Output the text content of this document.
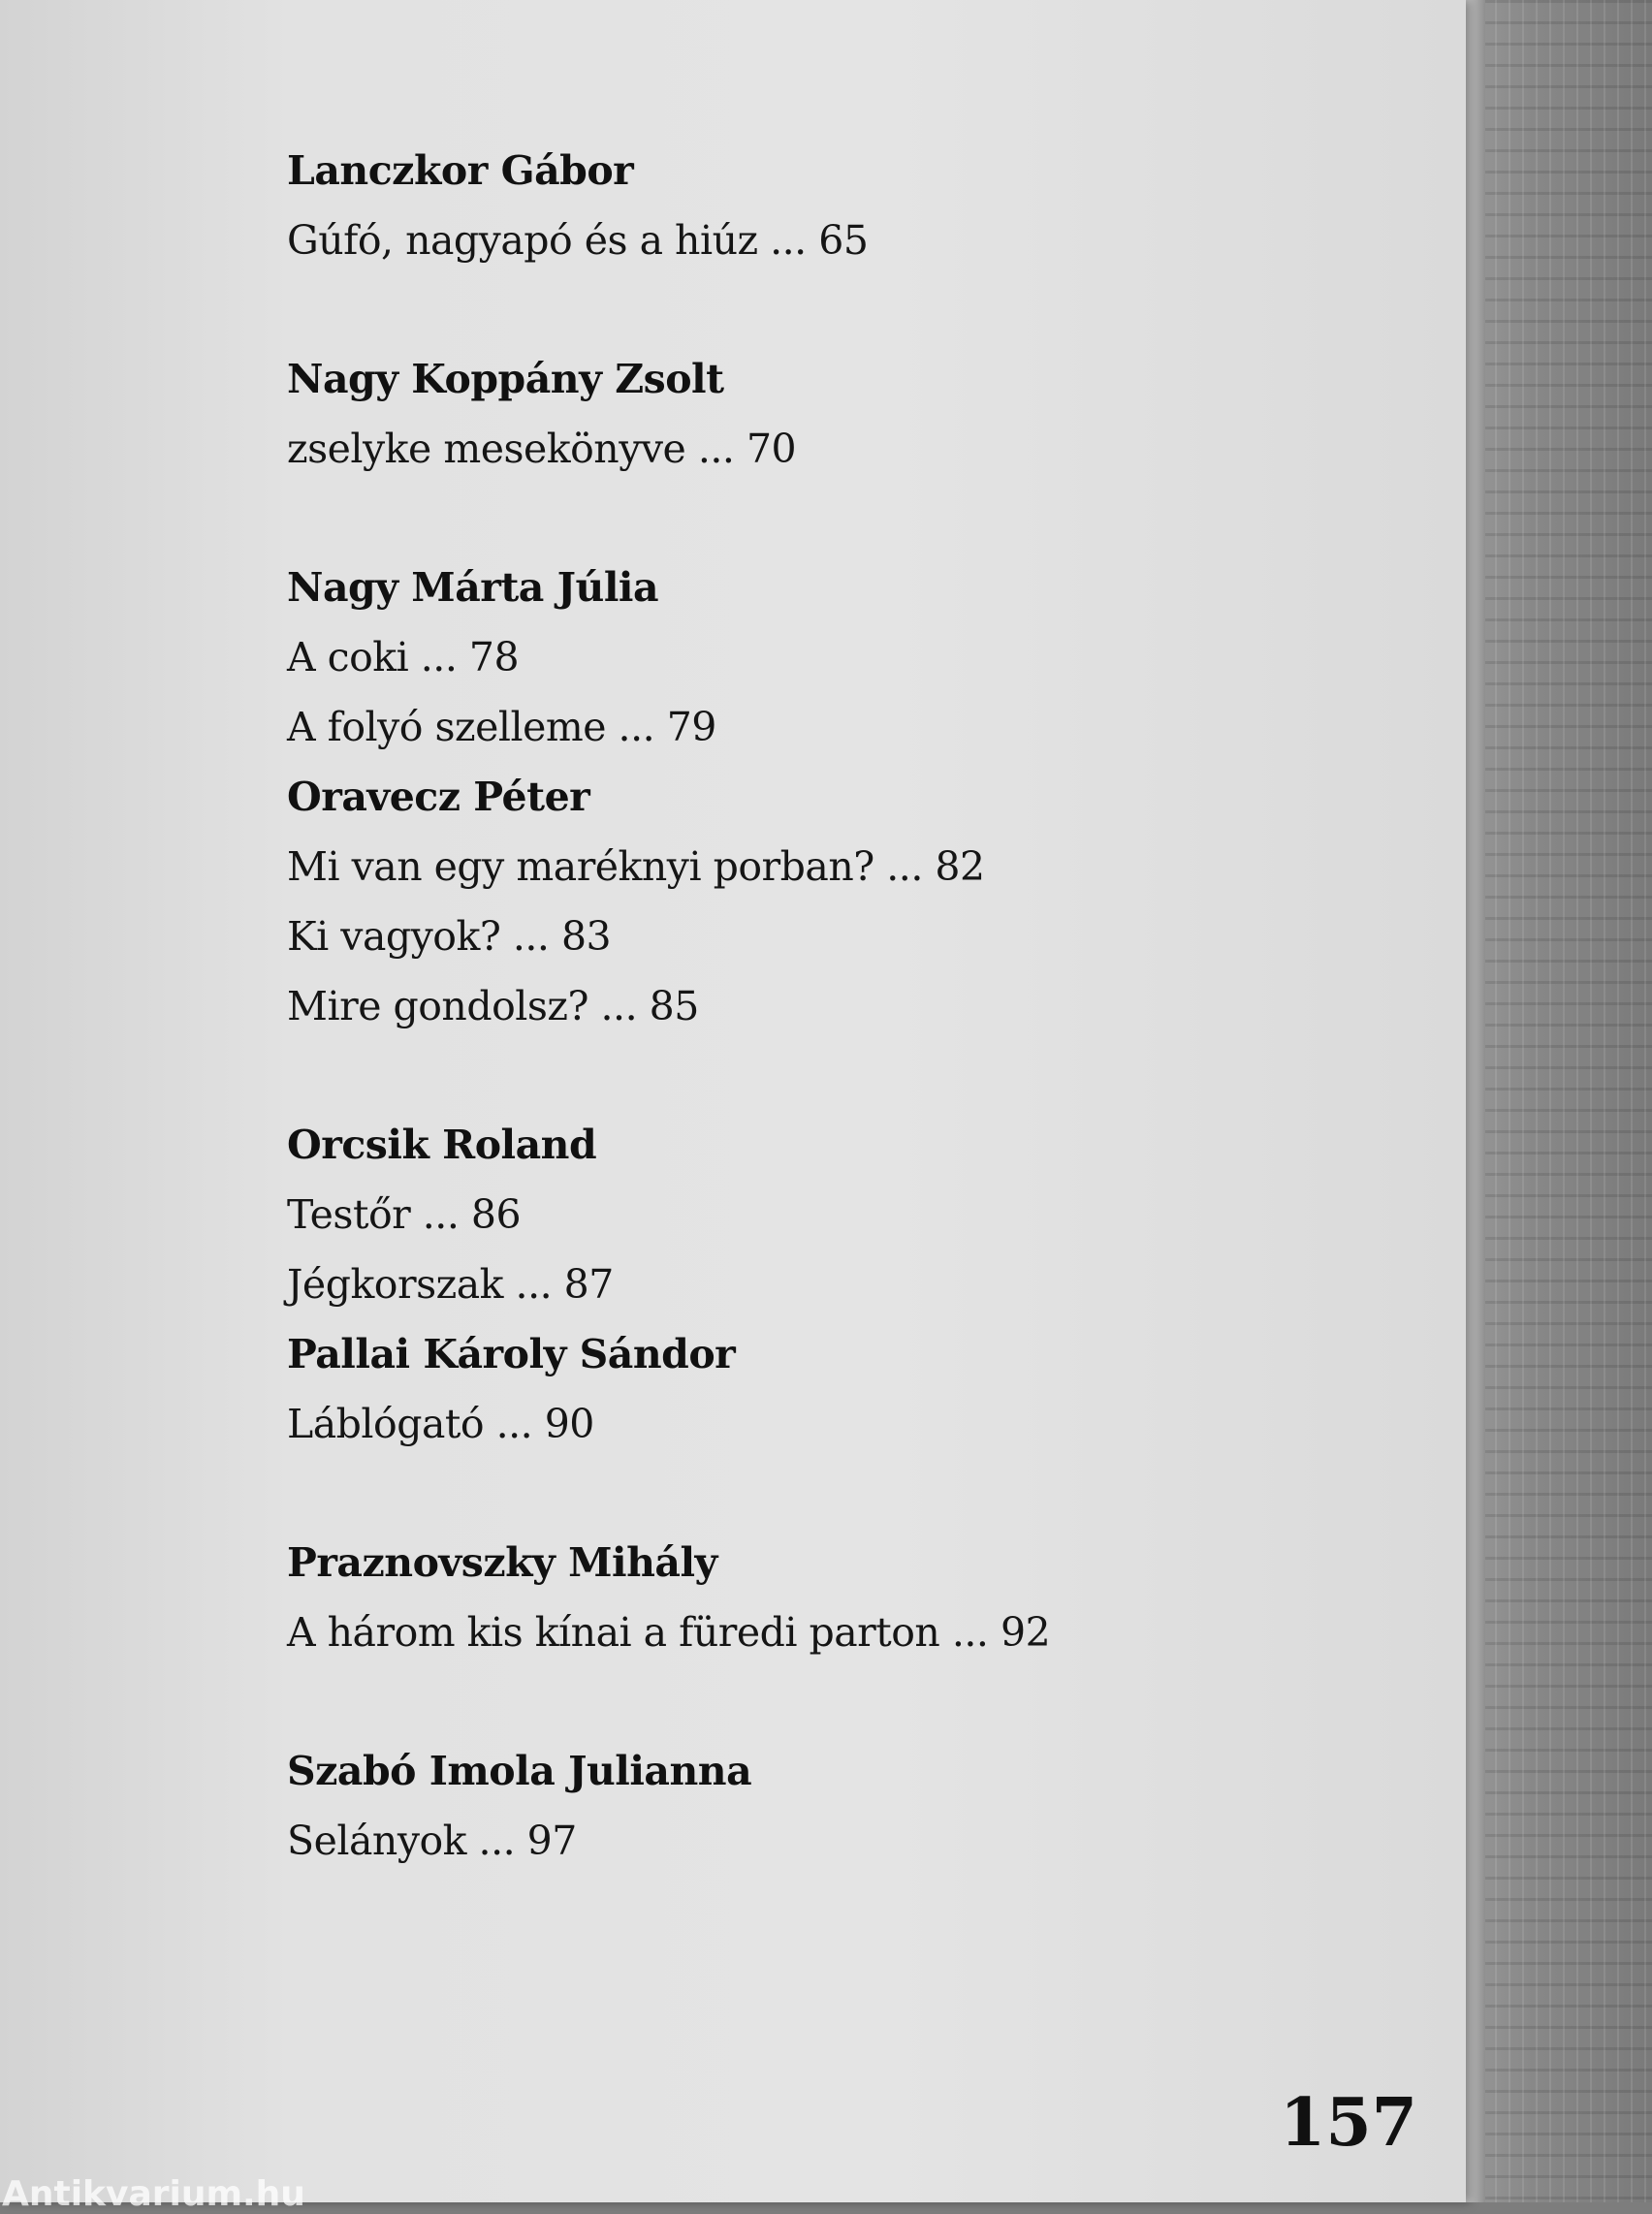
Lanczkor Gábor
Gúfó, nagyapó és a hiúz ... 65
Nagy Koppány Zsolt
zselyke mesekönyve ... 70
Nagy Márta Júlia
A coki ... 78
A folyó szelleme ... 79
Oravecz Péter
Mi van egy maréknyi porban? ... 82
Ki vagyok? ... 83
Mire gondolsz? ... 85
Orcsik Roland
Testőr ... 86
Jégkorszak ... 87
Pallai Károly Sándor
Láblógató ... 90
Praznovszky Mihály
A három kis kínai a füredi parton ... 92
Szabó Imola Julianna
Selányok ... 97
157
Antikvarium.hu
